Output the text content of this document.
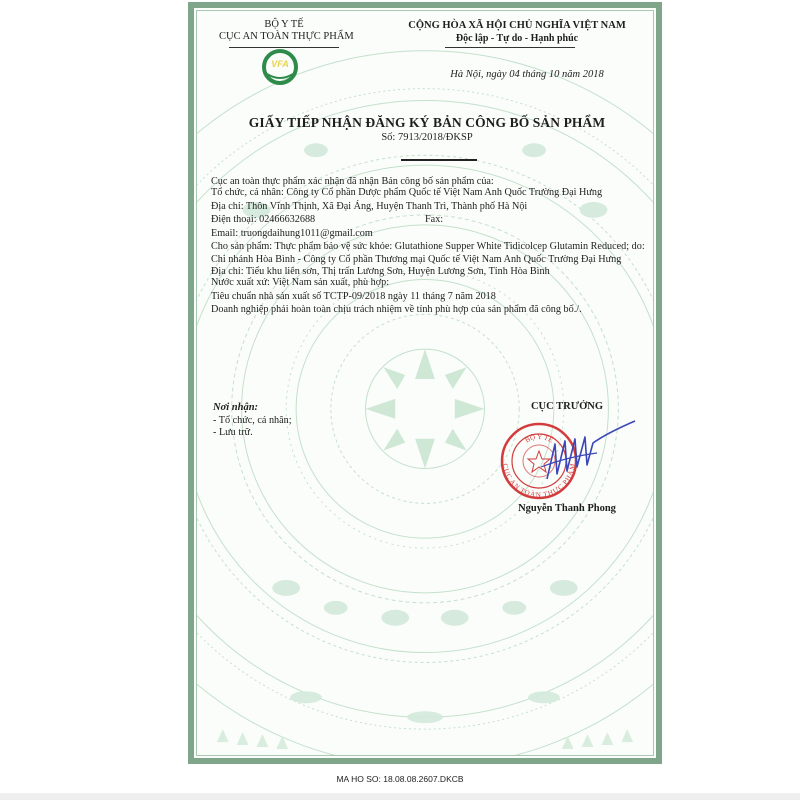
BỘ Y TẾ
CỤC AN TOÀN THỰC PHẨM
VFA
CỘNG HÒA XÃ HỘI CHỦ NGHĨA VIỆT NAM
Độc lập - Tự do - Hạnh phúc
Hà Nội, ngày 04 tháng 10 năm 2018
GIẤY TIẾP NHẬN ĐĂNG KÝ BẢN CÔNG BỐ SẢN PHẨM
Số: 7913/2018/ĐKSP

Cục an toàn thực phẩm xác nhận đã nhận Bản công bố sản phẩm của:

Tổ chức, cá nhân: Công ty Cổ phần Dược phẩm Quốc tế Việt Nam Anh Quốc Trường Đại Hưng

Địa chỉ: Thôn Vĩnh Thịnh, Xã Đại Áng, Huyện Thanh Trì, Thành phố Hà Nội

Điện thoại: 02466632688	Fax:

Email: truongdaihung1011@gmail.com

Cho sản phẩm: Thực phẩm bảo vệ sức khỏe: Glutathione Supper White Tidicolcep Glutamin Reduced; do:

Chi nhánh Hòa Bình - Công ty Cổ phần Thương mại Quốc tế Việt Nam Anh Quốc Trường Đại Hưng

Địa chỉ: Tiểu khu liên sơn, Thị trấn Lương Sơn, Huyện Lương Sơn, Tỉnh Hòa Bình

Nước xuất xứ: Việt Nam sản xuất, phù hợp:

Tiêu chuẩn nhà sản xuất số TCTP-09/2018 ngày 11 tháng 7 năm 2018

Doanh nghiệp phải hoàn toàn chịu trách nhiệm về tính phù hợp của sản phẩm đã công bố./.

Nơi nhận:
- Tổ chức, cá nhân;
- Lưu trữ.
CỤC TRƯỞNG
BỘ Y TẾ
CỤC AN TOÀN THỰC PHẨM
Nguyễn Thanh Phong
MA HO SO: 18.08.08.2607.DKCB
